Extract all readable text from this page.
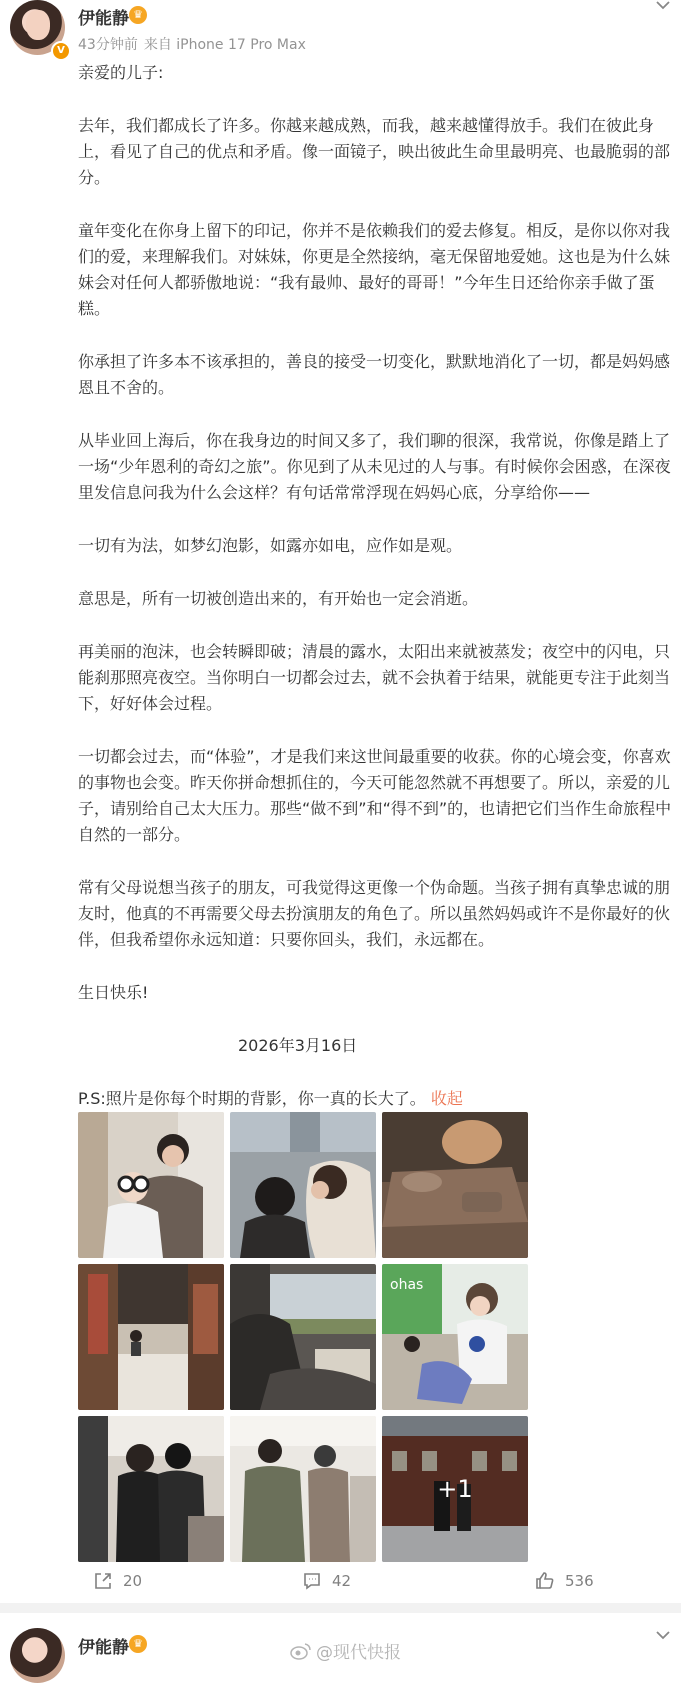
V
伊能静 ♛
43分钟前 来自 iPhone 17 Pro Max

亲爱的儿子:

去年，我们都成长了许多。你越来越成熟，而我，越来越懂得放手。我们在彼此身上，看见了自己的优点和矛盾。像一面镜子，映出彼此生命里最明亮、也最脆弱的部分。

童年变化在你身上留下的印记，你并不是依赖我们的爱去修复。相反，是你以你对我们的爱，来理解我们。对妹妹，你更是全然接纳，毫无保留地爱她。这也是为什么妹妹会对任何人都骄傲地说：“我有最帅、最好的哥哥！”今年生日还给你亲手做了蛋糕。

你承担了许多本不该承担的，善良的接受一切变化，默默地消化了一切，都是妈妈感恩且不舍的。

从毕业回上海后，你在我身边的时间又多了，我们聊的很深，我常说，你像是踏上了一场“少年恩利的奇幻之旅”。你见到了从未见过的人与事。有时候你会困惑，在深夜里发信息问我为什么会这样？有句话常常浮现在妈妈心底，分享给你——

一切有为法，如梦幻泡影，如露亦如电，应作如是观。

意思是，所有一切被创造出来的，有开始也一定会消逝。

再美丽的泡沫，也会转瞬即破；清晨的露水，太阳出来就被蒸发；夜空中的闪电，只能刹那照亮夜空。当你明白一切都会过去，就不会执着于结果，就能更专注于此刻当下，好好体会过程。

一切都会过去，而“体验”，才是我们来这世间最重要的收获。你的心境会变，你喜欢的事物也会变。昨天你拼命想抓住的，今天可能忽然就不再想要了。所以，亲爱的儿子，请别给自己太大压力。那些“做不到”和“得不到”的，也请把它们当作生命旅程中自然的一部分。

常有父母说想当孩子的朋友，可我觉得这更像一个伪命题。当孩子拥有真挚忠诚的朋友时，他真的不再需要父母去扮演朋友的角色了。所以虽然妈妈或许不是你最好的伙伴，但我希望你永远知道：只要你回头，我们，永远都在。

生日快乐!

2026年3月16日

P.S:照片是你每个时期的背影，你一真的长大了。 收起

ohas
+1
20	42	536
伊能静 ♛	@现代快报
